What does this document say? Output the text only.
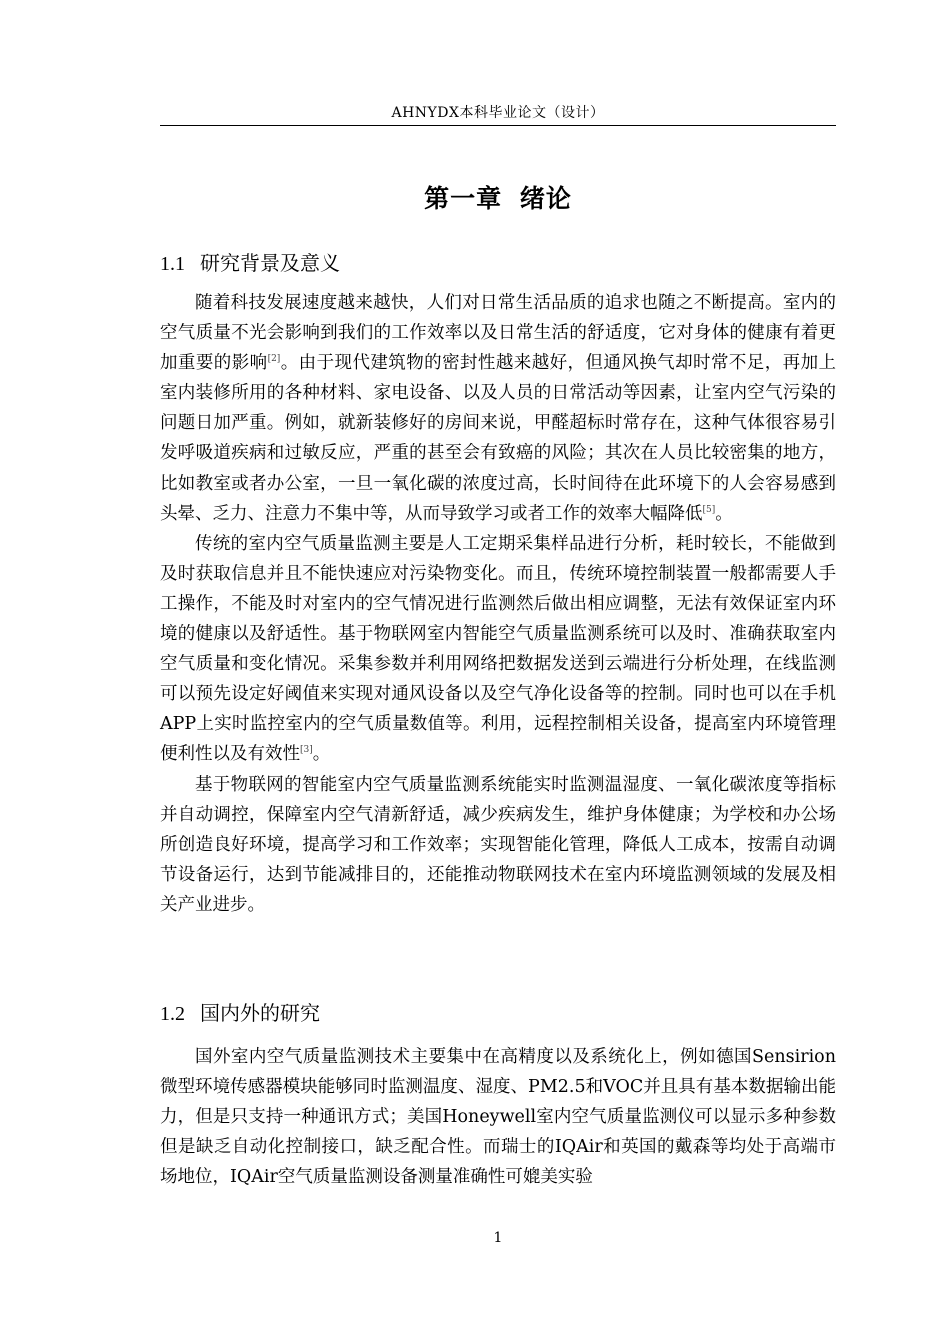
AHNYDX本科毕业论文（设计）
第一章 绪论
1.1 研究背景及意义

随着科技发展速度越来越快，人们对日常生活品质的追求也随之不断提高。室内的空气质量不光会影响到我们的工作效率以及日常生活的舒适度，它对身体的健康有着更加重要的影响[2]。由于现代建筑物的密封性越来越好，但通风换气却时常不足，再加上室内装修所用的各种材料、家电设备、以及人员的日常活动等因素，让室内空气污染的问题日加严重。例如，就新装修好的房间来说，甲醛超标时常存在，这种气体很容易引发呼吸道疾病和过敏反应，严重的甚至会有致癌的风险；其次在人员比较密集的地方，比如教室或者办公室，一旦一氧化碳的浓度过高，长时间待在此环境下的人会容易感到头晕、乏力、注意力不集中等，从而导致学习或者工作的效率大幅降低[5]。

传统的室内空气质量监测主要是人工定期采集样品进行分析，耗时较长，不能做到及时获取信息并且不能快速应对污染物变化。而且，传统环境控制装置一般都需要人手工操作，不能及时对室内的空气情况进行监测然后做出相应调整，无法有效保证室内环境的健康以及舒适性。基于物联网室内智能空气质量监测系统可以及时、准确获取室内空气质量和变化情况。采集参数并利用网络把数据发送到云端进行分析处理，在线监测可以预先设定好阈值来实现对通风设备以及空气净化设备等的控制。同时也可以在手机APP上实时监控室内的空气质量数值等。利用，远程控制相关设备，提高室内环境管理便利性以及有效性[3]。

基于物联网的智能室内空气质量监测系统能实时监测温湿度、一氧化碳浓度等指标并自动调控，保障室内空气清新舒适，减少疾病发生，维护身体健康；为学校和办公场所创造良好环境，提高学习和工作效率；实现智能化管理，降低人工成本，按需自动调节设备运行，达到节能减排目的，还能推动物联网技术在室内环境监测领域的发展及相关产业进步。

1.2 国内外的研究

国外室内空气质量监测技术主要集中在高精度以及系统化上，例如德国Sensirion微型环境传感器模块能够同时监测温度、湿度、PM2.5和VOC并且具有基本数据输出能力，但是只支持一种通讯方式；美国Honeywell室内空气质量监测仪可以显示多种参数但是缺乏自动化控制接口，缺乏配合性。而瑞士的IQAir和英国的戴森等均处于高端市场地位，IQAir空气质量监测设备测量准确性可媲美实验

1
